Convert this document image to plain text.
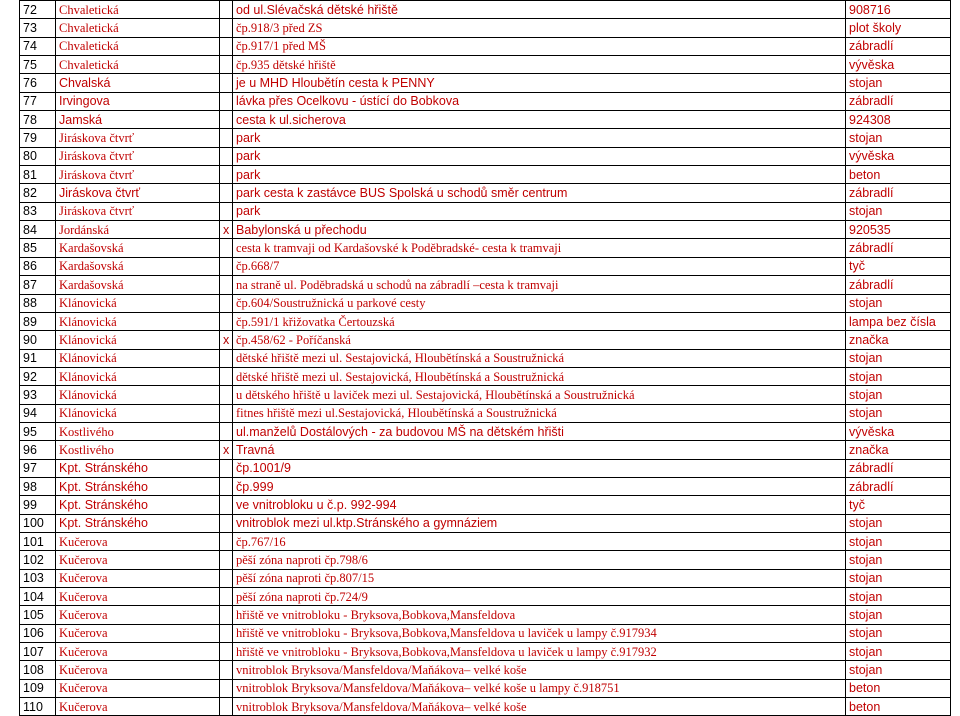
72	Chvaletická		od ul.Slévačská dětské hřiště	908716
73	Chvaletická		čp.918/3 před ZS	plot školy
74	Chvaletická		čp.917/1 před MŠ	zábradlí
75	Chvaletická		čp.935 dětské hřiště	vývěska
76	Chvalská		je u MHD Hloubětín cesta k PENNY	stojan
77	Irvingova		lávka přes Ocelkovu - ústící do Bobkova	zábradlí
78	Jamská		cesta k ul.sicherova	924308
79	Jiráskova čtvrť		park	stojan
80	Jiráskova čtvrť		park	vývěska
81	Jiráskova čtvrť		park	beton
82	Jiráskova čtvrť		park cesta k zastávce BUS Spolská u schodů směr centrum	zábradlí
83	Jiráskova čtvrť		park	stojan
84	Jordánská	x	Babylonská u přechodu	920535
85	Kardašovská		cesta k tramvaji od Kardašovské k Poděbradské- cesta k tramvaji	zábradlí
86	Kardašovská		čp.668/7	tyč
87	Kardašovská		na straně ul. Poděbradská u schodů na zábradlí –cesta k tramvaji	zábradlí
88	Klánovická		čp.604/Soustružnická u parkové cesty	stojan
89	Klánovická		čp.591/1 křižovatka Čertouzská	lampa bez čísla
90	Klánovická	x	čp.458/62 - Poříčanská	značka
91	Klánovická		dětské hřiště mezi ul. Sestajovická, Hloubětínská a Soustružnická	stojan
92	Klánovická		dětské hřiště mezi ul. Sestajovická, Hloubětínská a Soustružnická	stojan
93	Klánovická		u dětského hřiště u laviček mezi ul. Sestajovická, Hloubětínská a Soustružnická	stojan
94	Klánovická		fitnes hřiště mezi ul.Sestajovická, Hloubětínská a Soustružnická	stojan
95	Kostlivého		ul.manželů Dostálových - za budovou MŠ na dětském hřišti	vývěska
96	Kostlivého	x	Travná	značka
97	Kpt. Stránského		čp.1001/9	zábradlí
98	Kpt. Stránského		čp.999	zábradlí
99	Kpt. Stránského		ve vnitrobloku u č.p. 992-994	tyč
100	Kpt. Stránského		vnitroblok mezi ul.ktp.Stránského a gymnáziem	stojan
101	Kučerova		čp.767/16	stojan
102	Kučerova		pěší zóna naproti čp.798/6	stojan
103	Kučerova		pěší zóna naproti čp.807/15	stojan
104	Kučerova		pěší zóna naproti čp.724/9	stojan
105	Kučerova		hřiště ve vnitrobloku - Bryksova,Bobkova,Mansfeldova	stojan
106	Kučerova		hřiště ve vnitrobloku - Bryksova,Bobkova,Mansfeldova u laviček u lampy č.917934	stojan
107	Kučerova		hřiště ve vnitrobloku - Bryksova,Bobkova,Mansfeldova u laviček u lampy č.917932	stojan
108	Kučerova		vnitroblok Bryksova/Mansfeldova/Maňákova– velké koše	stojan
109	Kučerova		vnitroblok Bryksova/Mansfeldova/Maňákova– velké koše u lampy č.918751	beton
110	Kučerova		vnitroblok Bryksova/Mansfeldova/Maňákova– velké koše	beton
